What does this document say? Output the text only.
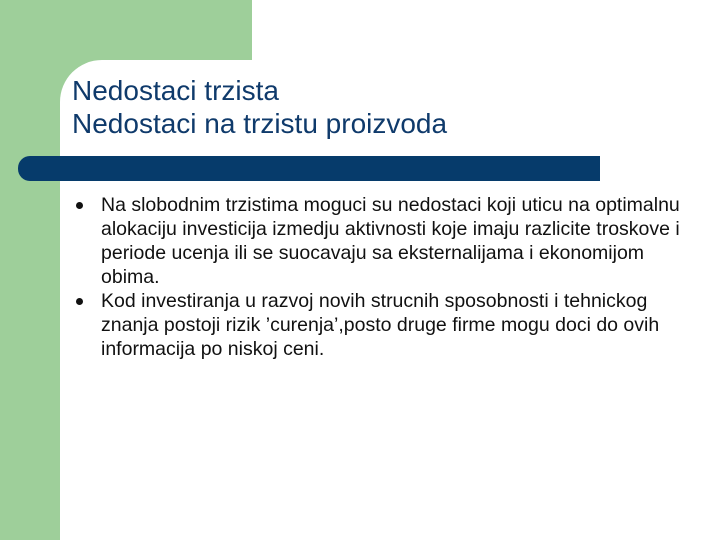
Nedostaci trzista
Nedostaci na trzistu proizvoda
Na slobodnim trzistima moguci su nedostaci koji uticu na optimalnu alokaciju investicija izmedju aktivnosti koje imaju razlicite troskove i periode ucenja ili se suocavaju sa eksternalijama i ekonomijom obima.
Kod investiranja u razvoj novih strucnih sposobnosti i tehnickog znanja postoji rizik ’curenja’,posto druge firme mogu doci do ovih informacija po niskoj ceni.
